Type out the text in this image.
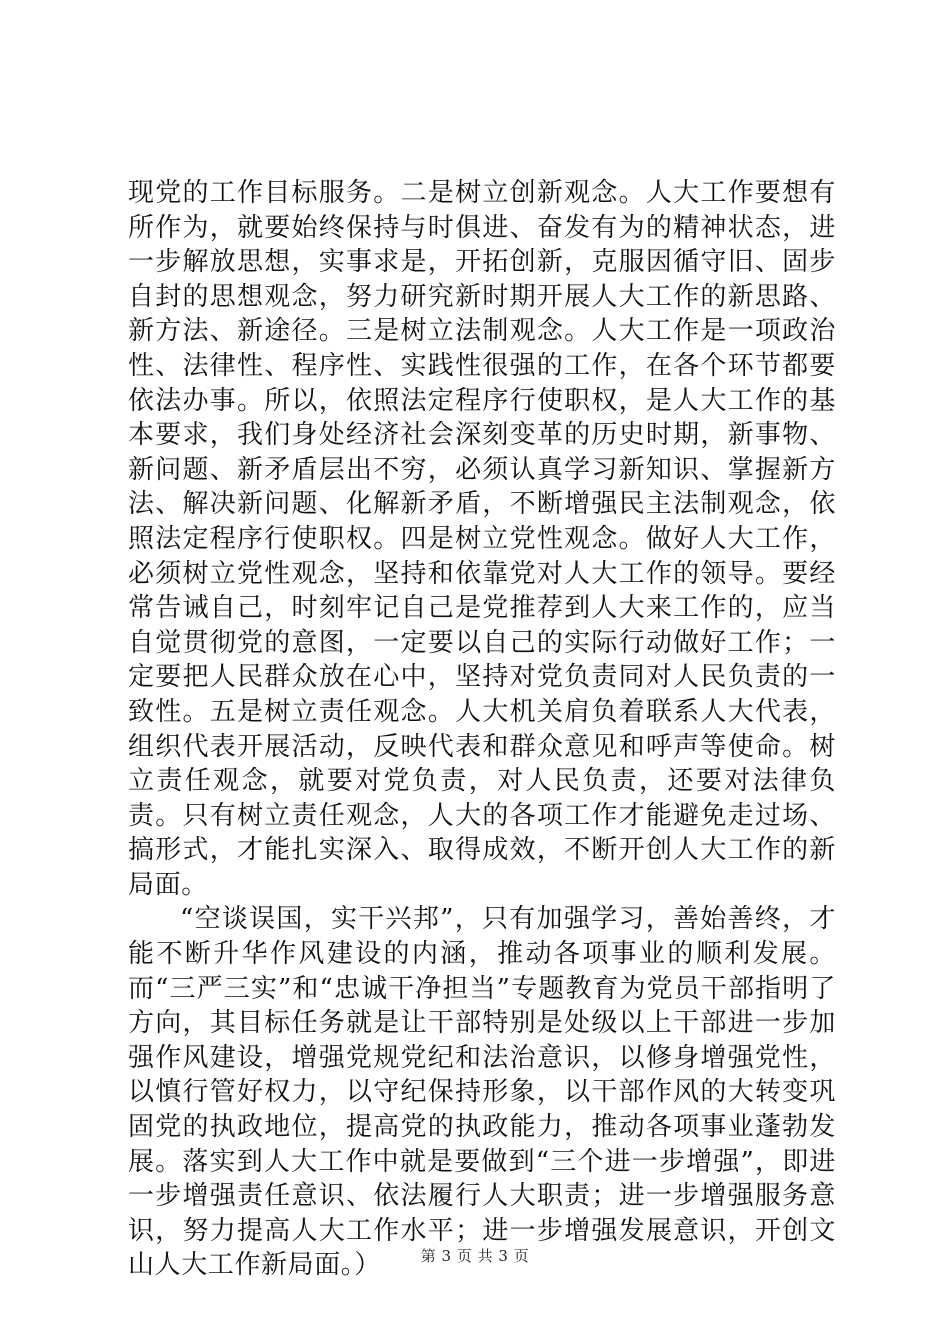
现党的工作目标服务。二是树立创新观念。人大工作要想有所作为，就要始终保持与时俱进、奋发有为的精神状态，进一步解放思想，实事求是，开拓创新，克服因循守旧、固步自封的思想观念，努力研究新时期开展人大工作的新思路、新方法、新途径。三是树立法制观念。人大工作是一项政治性、法律性、程序性、实践性很强的工作，在各个环节都要依法办事。所以，依照法定程序行使职权，是人大工作的基本要求，我们身处经济社会深刻变革的历史时期，新事物、新问题、新矛盾层出不穷，必须认真学习新知识、掌握新方法、解决新问题、化解新矛盾，不断增强民主法制观念，依照法定程序行使职权。四是树立党性观念。做好人大工作，必须树立党性观念，坚持和依靠党对人大工作的领导。要经常告诫自己，时刻牢记自己是党推荐到人大来工作的，应当自觉贯彻党的意图，一定要以自己的实际行动做好工作；一定要把人民群众放在心中，坚持对党负责同对人民负责的一致性。五是树立责任观念。人大机关肩负着联系人大代表，组织代表开展活动，反映代表和群众意见和呼声等使命。树立责任观念，就要对党负责，对人民负责，还要对法律负责。只有树立责任观念，人大的各项工作才能避免走过场、搞形式，才能扎实深入、取得成效，不断开创人大工作的新局面。

“空谈误国，实干兴邦”，只有加强学习，善始善终，才能不断升华作风建设的内涵，推动各项事业的顺利发展。而“三严三实”和“忠诚干净担当”专题教育为党员干部指明了方向，其目标任务就是让干部特别是处级以上干部进一步加强作风建设，增强党规党纪和法治意识，以修身增强党性，以慎行管好权力，以守纪保持形象，以干部作风的大转变巩固党的执政地位，提高党的执政能力，推动各项事业蓬勃发展。落实到人大工作中就是要做到“三个进一步增强”，即进一步增强责任意识、依法履行人大职责；进一步增强服务意识，努力提高人大工作水平；进一步增强发展意识，开创文山人大工作新局面。）	第 3 页 共 3 页
